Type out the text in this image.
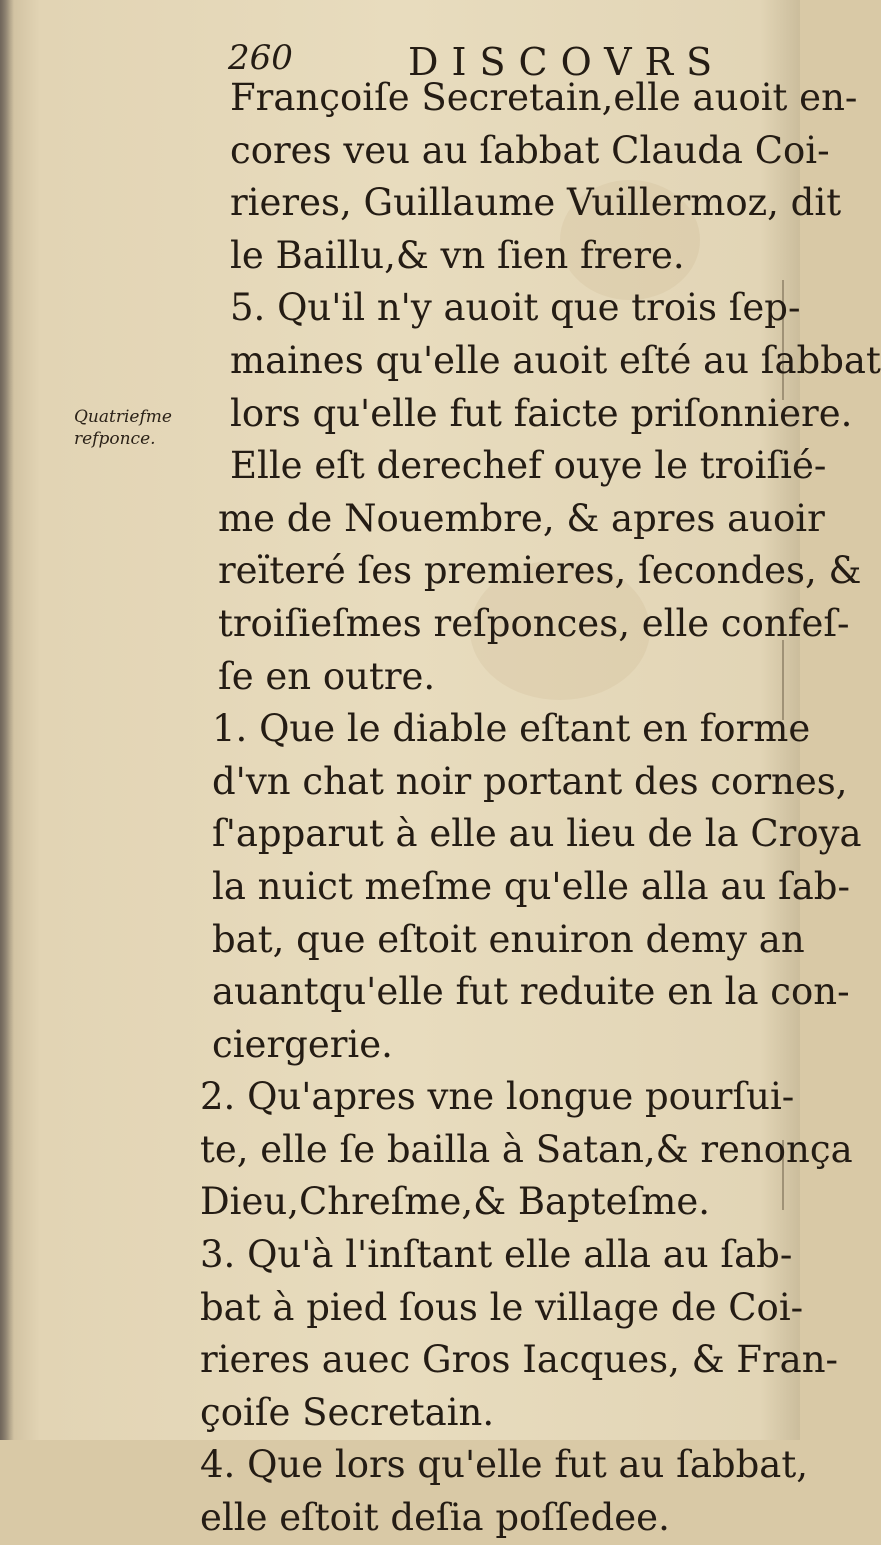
260	DISCOVRS
Quatriefme
refponce.
Françoiſe Secretain,elle auoit en-
cores veu au ſabbat Clauda Coi-
rieres, Guillaume Vuillermoz, dit
le Baillu,& vn ſien frere.
5. Qu'il n'y auoit que trois ſep-
maines qu'elle auoit eſté au ſabbat
lors qu'elle fut faicte priſonniere.
Elle eſt derechef ouye le troiſié-
me de Nouembre, & apres auoir
reïteré ſes premieres, ſecondes, &
troiſieſmes reſponces, elle confeſ-
ſe en outre.
1. Que le diable eſtant en forme
d'vn chat noir portant des cornes,
ſ'apparut à elle au lieu de la Croya
la nuict meſme qu'elle alla au ſab-
bat, que eſtoit enuiron demy an
auantqu'elle fut reduite en la con-
ciergerie.
2. Qu'apres vne longue pourſui-
te, elle ſe bailla à Satan,& renonça
Dieu,Chreſme,& Bapteſme.
3. Qu'à l'inſtant elle alla au ſab-
bat à pied ſous le village de Coi-
rieres auec Gros Iacques, & Fran-
çoiſe Secretain.
4. Que lors qu'elle fut au ſabbat,
elle eſtoit deſia poſſedee.
